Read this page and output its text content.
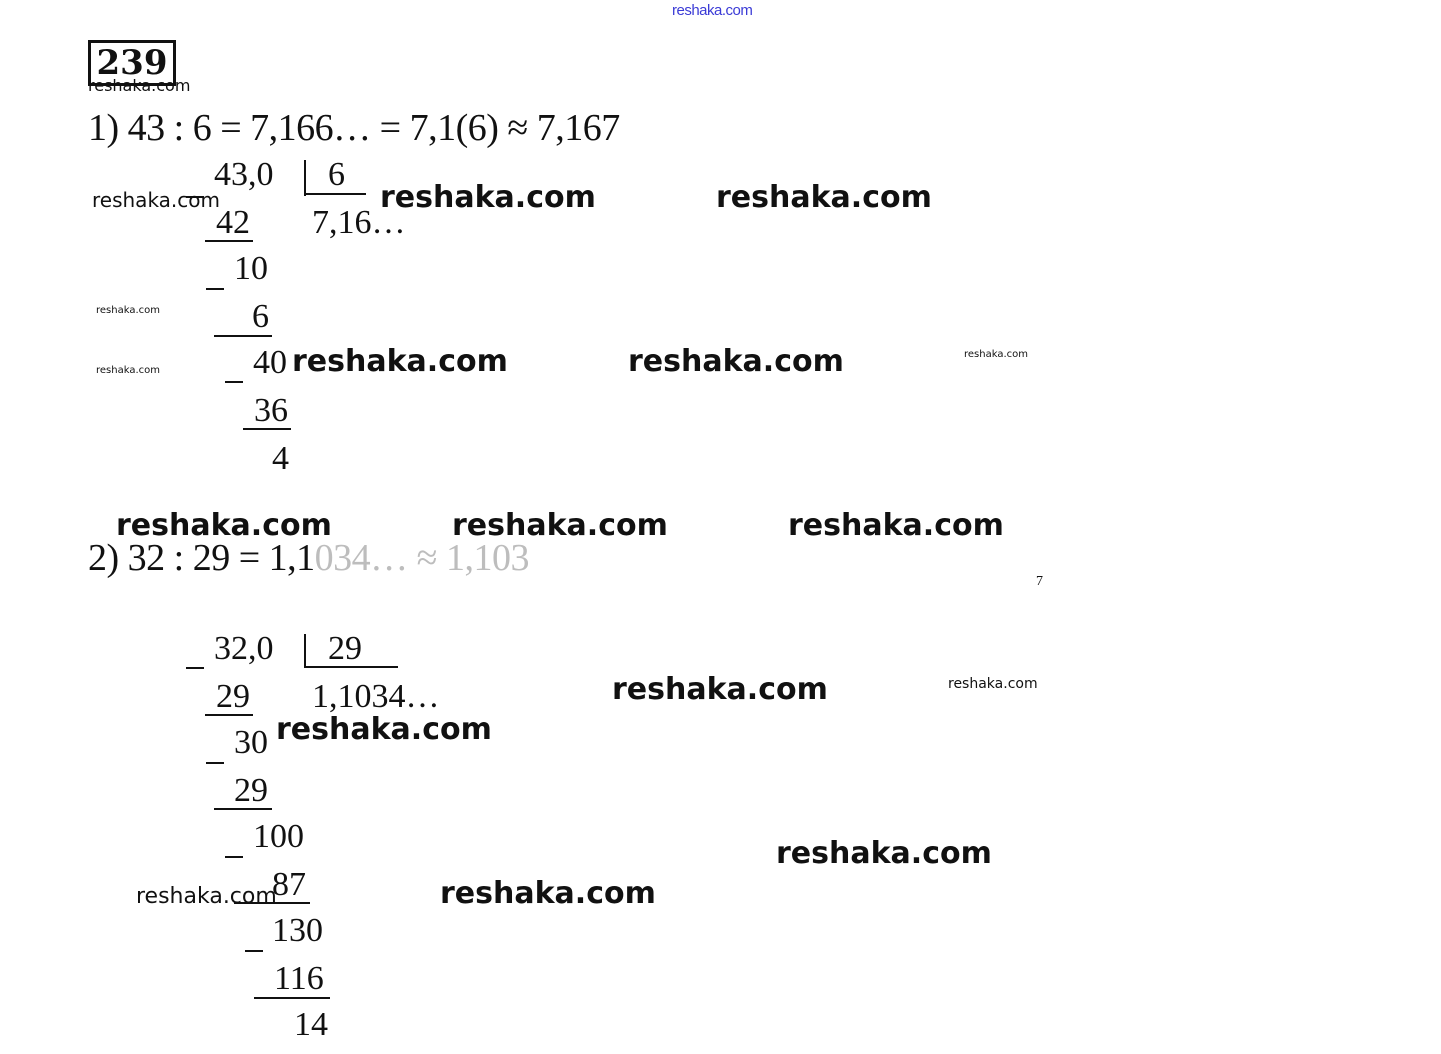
reshaka.com
239
reshaka.com
1) 43 : 6 = 7,166… = 7,1(6) ≈ 7,167
43,0 6
7,16…
42
10
6
40
36
4
2) 32 : 29 = 1,1034… ≈ 1,103
32,0 29
1,1034…
29
30
29
100
87
130
116
14
7
reshaka.com	reshaka.com	reshaka.com
reshaka.com
reshaka.com	reshaka.com	reshaka.com	reshaka.com
reshaka.com	reshaka.com	reshaka.com
reshaka.com	reshaka.com
reshaka.com
reshaka.com
reshaka.com	reshaka.com
